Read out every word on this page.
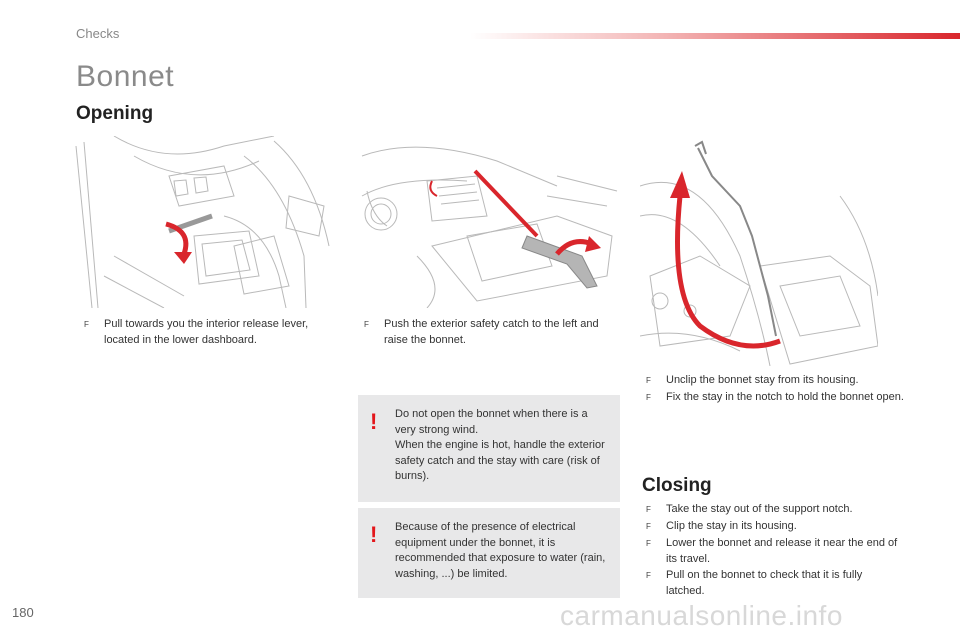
Checks
Bonnet
Opening
F	Pull towards you the interior release lever, located in the lower dashboard.
F	Push the exterior safety catch to the left and raise the bonnet.
F	Unclip the bonnet stay from its housing.
F	Fix the stay in the notch to hold the bonnet open.
! Do not open the bonnet when there is a very strong wind.
When the engine is hot, handle the exterior safety catch and the stay with care (risk of burns).
! Because of the presence of electrical equipment under the bonnet, it is recommended that exposure to water (rain, washing, ...) be limited.
Closing
F	Take the stay out of the support notch.
F	Clip the stay in its housing.
F	Lower the bonnet and release it near the end of its travel.
F	Pull on the bonnet to check that it is fully latched.
180	carmanualsonline.info
